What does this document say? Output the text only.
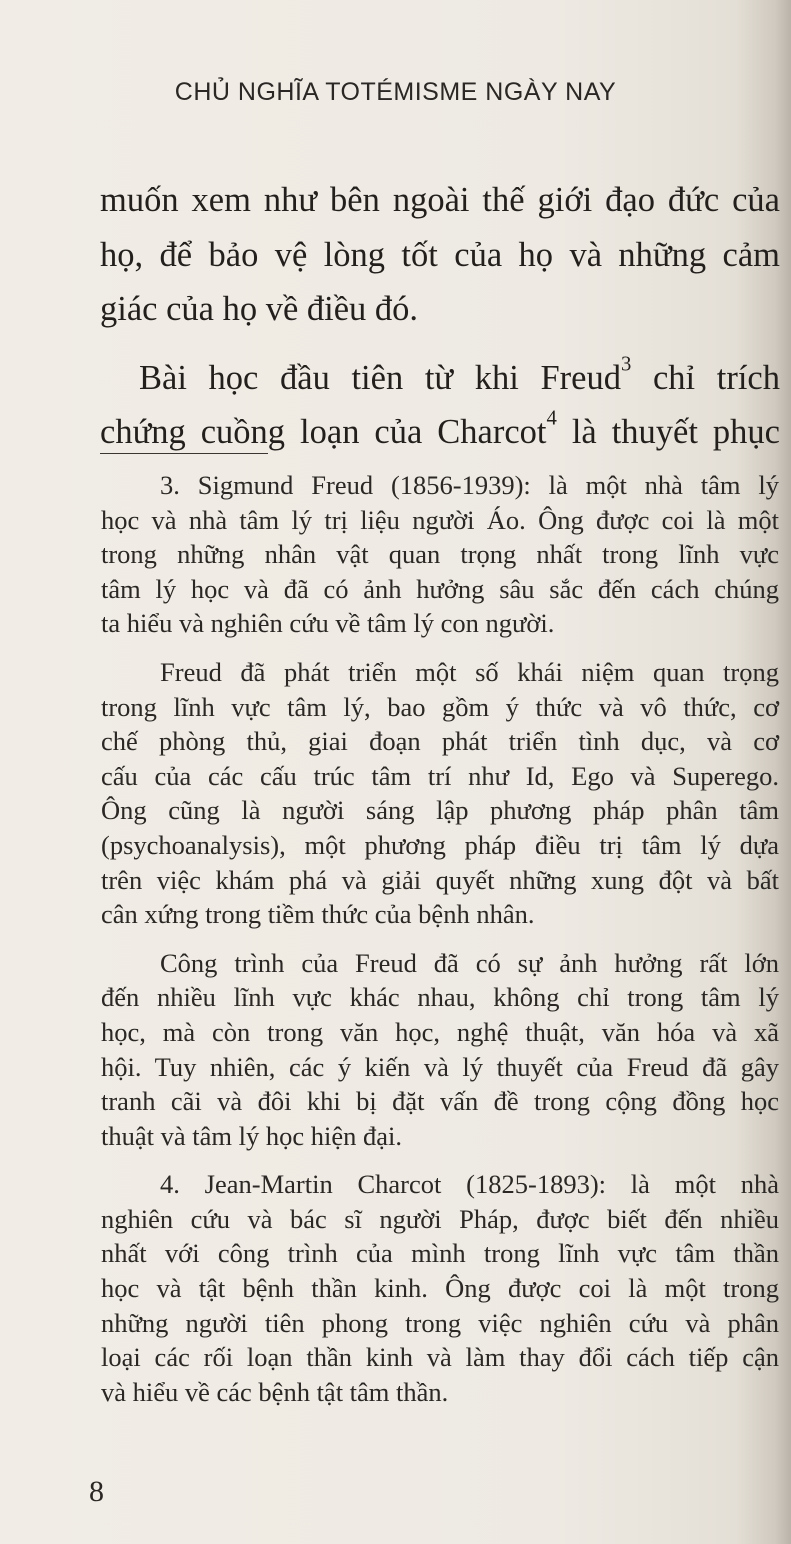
CHỦ NGHĨA TOTÉMISME NGÀY NAY

muốn xem như bên ngoài thế giới đạo đức của
họ, để bảo vệ lòng tốt của họ và những cảm
giác của họ về điều đó.

Bài học đầu tiên từ khi Freud$^3$ chỉ trích
chứng cuồng loạn của Charcot$^4$ là thuyết phục

3. Sigmund Freud (1856-1939): là một nhà tâm lý
học và nhà tâm lý trị liệu người Áo. Ông được coi là một
trong những nhân vật quan trọng nhất trong lĩnh vực
tâm lý học và đã có ảnh hưởng sâu sắc đến cách chúng
ta hiểu và nghiên cứu về tâm lý con người.
Freud đã phát triển một số khái niệm quan trọng
trong lĩnh vực tâm lý, bao gồm ý thức và vô thức, cơ
chế phòng thủ, giai đoạn phát triển tình dục, và cơ
cấu của các cấu trúc tâm trí như Id, Ego và Superego.
Ông cũng là người sáng lập phương pháp phân tâm
(psychoanalysis), một phương pháp điều trị tâm lý dựa
trên việc khám phá và giải quyết những xung đột và bất
cân xứng trong tiềm thức của bệnh nhân.
Công trình của Freud đã có sự ảnh hưởng rất lớn
đến nhiều lĩnh vực khác nhau, không chỉ trong tâm lý
học, mà còn trong văn học, nghệ thuật, văn hóa và xã
hội. Tuy nhiên, các ý kiến và lý thuyết của Freud đã gây
tranh cãi và đôi khi bị đặt vấn đề trong cộng đồng học
thuật và tâm lý học hiện đại.
4. Jean-Martin Charcot (1825-1893): là một nhà
nghiên cứu và bác sĩ người Pháp, được biết đến nhiều
nhất với công trình của mình trong lĩnh vực tâm thần
học và tật bệnh thần kinh. Ông được coi là một trong
những người tiên phong trong việc nghiên cứu và phân
loại các rối loạn thần kinh và làm thay đổi cách tiếp cận
và hiểu về các bệnh tật tâm thần.
8
